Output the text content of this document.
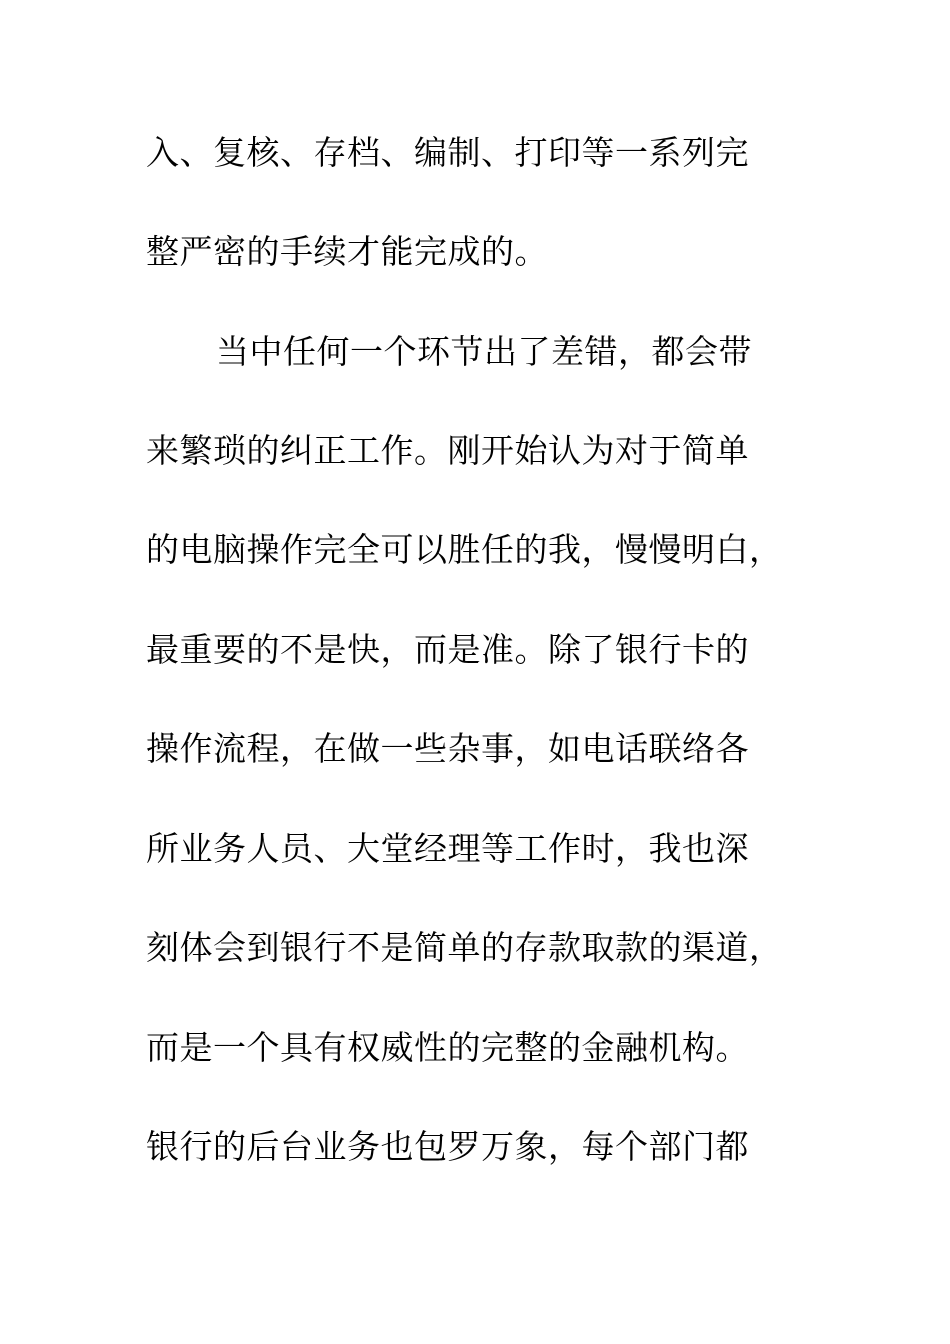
入、复核、存档、编制、打印等一系列完
整严密的手续才能完成的。
当中任何一个环节出了差错，都会带
来繁琐的纠正工作。刚开始认为对于简单
的电脑操作完全可以胜任的我，慢慢明白，
最重要的不是快，而是准。除了银行卡的
操作流程，在做一些杂事，如电话联络各
所业务人员、大堂经理等工作时，我也深
刻体会到银行不是简单的存款取款的渠道，
而是一个具有权威性的完整的金融机构。
银行的后台业务也包罗万象，每个部门都
